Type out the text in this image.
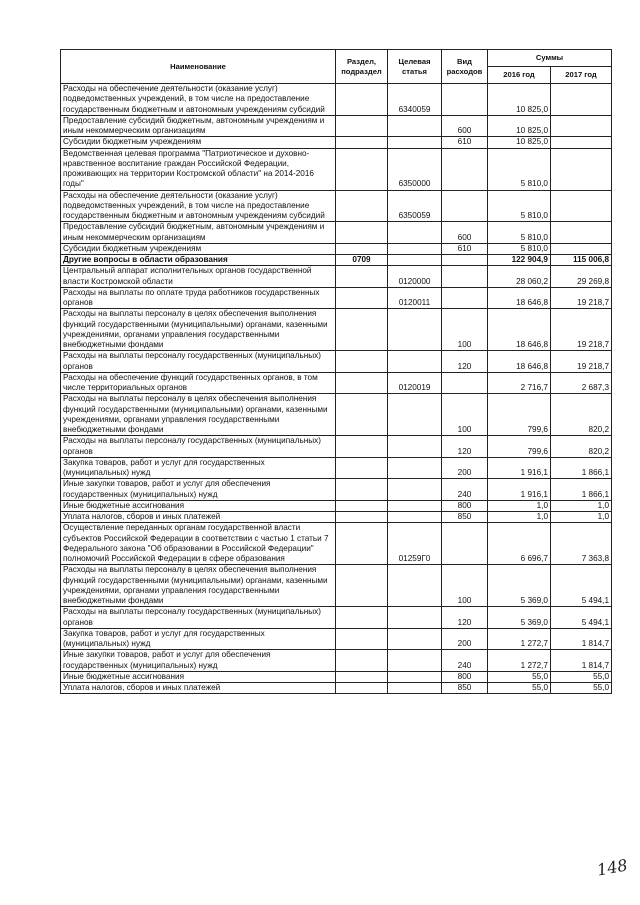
Наименование	Раздел, подраздел	Целевая статья	Вид расходов	Суммы	
				2016 год	2017 год
Расходы на обеспечение деятельности (оказание услуг) подведомственных учреждений, в том числе на предоставление государственным бюджетным и автономным учреждениям субсидий		6340059		10 825,0	
Предоставление субсидий бюджетным, автономным учреждениям и иным некоммерческим организациям			600	10 825,0	
Субсидии бюджетным учреждениям			610	10 825,0	
Ведомственная целевая программа "Патриотическое и духовно-нравственное воспитание граждан Российской Федерации, проживающих на территории Костромской области" на 2014-2016 годы"		6350000		5 810,0	
Расходы на обеспечение деятельности (оказание услуг) подведомственных учреждений, в том числе на предоставление государственным бюджетным и автономным учреждениям субсидий		6350059		5 810,0	
Предоставление субсидий бюджетным, автономным учреждениям и иным некоммерческим организациям			600	5 810,0	
Субсидии бюджетным учреждениям			610	5 810,0	
Другие вопросы в области образования	0709			122 904,9	115 006,8
Центральный аппарат исполнительных органов государственной власти Костромской области		0120000		28 060,2	29 269,8
Расходы на выплаты по оплате труда работников государственных органов		0120011		18 646,8	19 218,7
Расходы на выплаты персоналу в целях обеспечения выполнения функций государственными (муниципальными) органами, казенными учреждениями, органами управления государственными внебюджетными фондами			100	18 646,8	19 218,7
Расходы на выплаты персоналу государственных (муниципальных) органов			120	18 646,8	19 218,7
Расходы на обеспечение функций государственных органов, в том числе территориальных органов		0120019		2 716,7	2 687,3
Расходы на выплаты персоналу в целях обеспечения выполнения функций государственными (муниципальными) органами, казенными учреждениями, органами управления государственными внебюджетными фондами			100	799,6	820,2
Расходы на выплаты персоналу государственных (муниципальных) органов			120	799,6	820,2
Закупка товаров, работ и услуг для государственных (муниципальных) нужд			200	1 916,1	1 866,1
Иные закупки товаров, работ и услуг для обеспечения государственных (муниципальных) нужд			240	1 916,1	1 866,1
Иные бюджетные ассигнования			800	1,0	1,0
Уплата налогов, сборов и иных платежей			850	1,0	1,0
Осуществление переданных органам государственной власти субъектов Российской Федерации в соответствии с частью 1 статьи 7 Федерального закона "Об образовании в Российской Федерации" полномочий Российской Федерации в сфере образования		01259Г0		6 696,7	7 363,8
Расходы на выплаты персоналу в целях обеспечения выполнения функций государственными (муниципальными) органами, казенными учреждениями, органами управления государственными внебюджетными фондами			100	5 369,0	5 494,1
Расходы на выплаты персоналу государственных (муниципальных) органов			120	5 369,0	5 494,1
Закупка товаров, работ и услуг для государственных (муниципальных) нужд			200	1 272,7	1 814,7
Иные закупки товаров, работ и услуг для обеспечения государственных (муниципальных) нужд			240	1 272,7	1 814,7
Иные бюджетные ассигнования			800	55,0	55,0
Уплата налогов, сборов и иных платежей			850	55,0	55,0
148
